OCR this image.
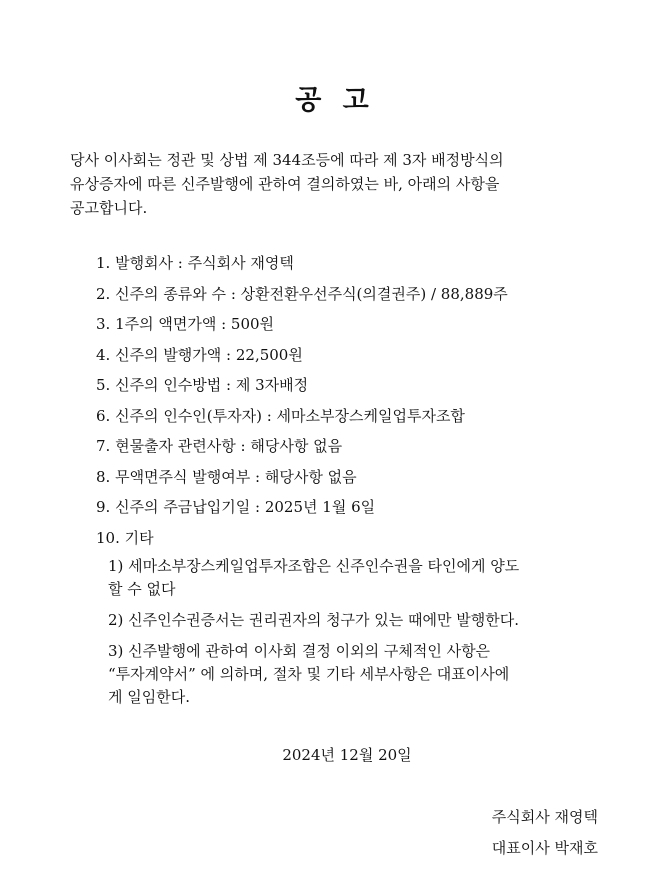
공 고
당사 이사회는 정관 및 상법 제 344조등에 따라 제 3자 배정방식의
유상증자에 따른 신주발행에 관하여 결의하였는 바, 아래의 사항을
공고합니다.
1. 발행회사 : 주식회사 재영텍
2. 신주의 종류와 수 : 상환전환우선주식(의결권주) / 88,889주
3. 1주의 액면가액 : 500원
4. 신주의 발행가액 : 22,500원
5. 신주의 인수방법 : 제 3자배정
6. 신주의 인수인(투자자) : 세마소부장스케일업투자조합
7. 현물출자 관련사항 : 해당사항 없음
8. 무액면주식 발행여부 : 해당사항 없음
9. 신주의 주금납입기일 : 2025년 1월 6일
10. 기타
1) 세마소부장스케일업투자조합은 신주인수권을 타인에게 양도
할 수 없다
2) 신주인수권증서는 권리권자의 청구가 있는 때에만 발행한다.
3) 신주발행에 관하여 이사회 결정 이외의 구체적인 사항은
“투자계약서” 에 의하며, 절차 및 기타 세부사항은 대표이사에
게 일임한다.
2024년 12월 20일
주식회사 재영텍
대표이사 박재호
